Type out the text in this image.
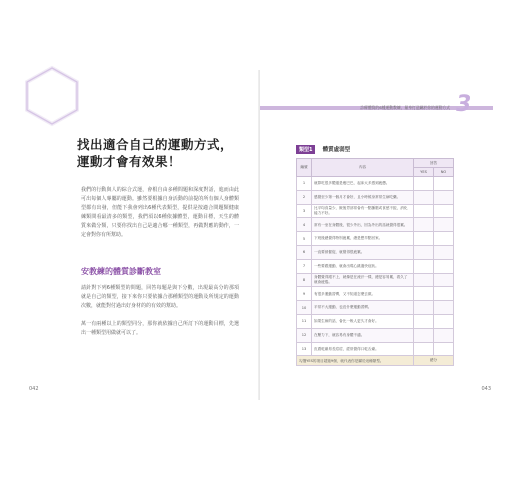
找出適合自己的運動方式，
運動才會有效果！
我們的行動與人的綜合式運，會根自由多種問題和深度對話，進而由此可出每個人專屬的運動。雖然要根據自身活動的前提的所有個人身體類型都有出發，但能下我會列出6種代表類型，提供是按適合問題類健康練類問看最清多的類型，我們須以6種依據體型，運動目標，天生的體質來做分類，只要你找出自己是適合哪一種類型，再做對應的動作，一定會對你有所幫助。
安教練的體質診斷教室
請針對下列6種類型的問題，回答每題是與下分數，出現最高分的那項就是自己的類型，接下來你只要依據合那種類型的運動及所規定的運動次數，就能對付過出好身材的的有效的幫助。
萬一有兩種以上的類型同分，那你就依據自己所訂下的運動目標，先選出一種類型用做就可以了。
042
診療體質的6種運動教練，量身打造屬於你的運動方式 3
類型1 體質虛弱型
編號	內容	回答	
		YES	NO
1	就算吃很多體還是瘦巴巴，起床大多感到疲憊。		
2	感覺至少第一個月才會好，且小時候身常常生病吃藥。		
3	比平均食量少，飯後胃部常會有一點腫脹或食慾不振，消化能力不好。		
4	常有一坐在身體後，很少外出，因為外出的話就覺得很累。		
5	下班後總覺得特別疲累，總是想早點回家。		
6	一直要被催促，就覺得很疲累。		
7	一些要跟運動，就會出現心跳過快症狀。		
8	身體覺得跟不上，就像是在流汗一樣，總是容易累，看久了就會疲倦。		
9	有很多運動習慣，又不知道怎麼去做。		
10	平常不大運動，也沒什麼運動習慣。		
11	如果生病的話，會比一般人更久才會好。		
12	在壓力下，就容易有身體不適。		
13	皮膚乾燥易長痘痘，經常覺得口乾舌燥。		
勾選YES的項目超過9個，就代表你是屬於這種類型。		總分	
043
